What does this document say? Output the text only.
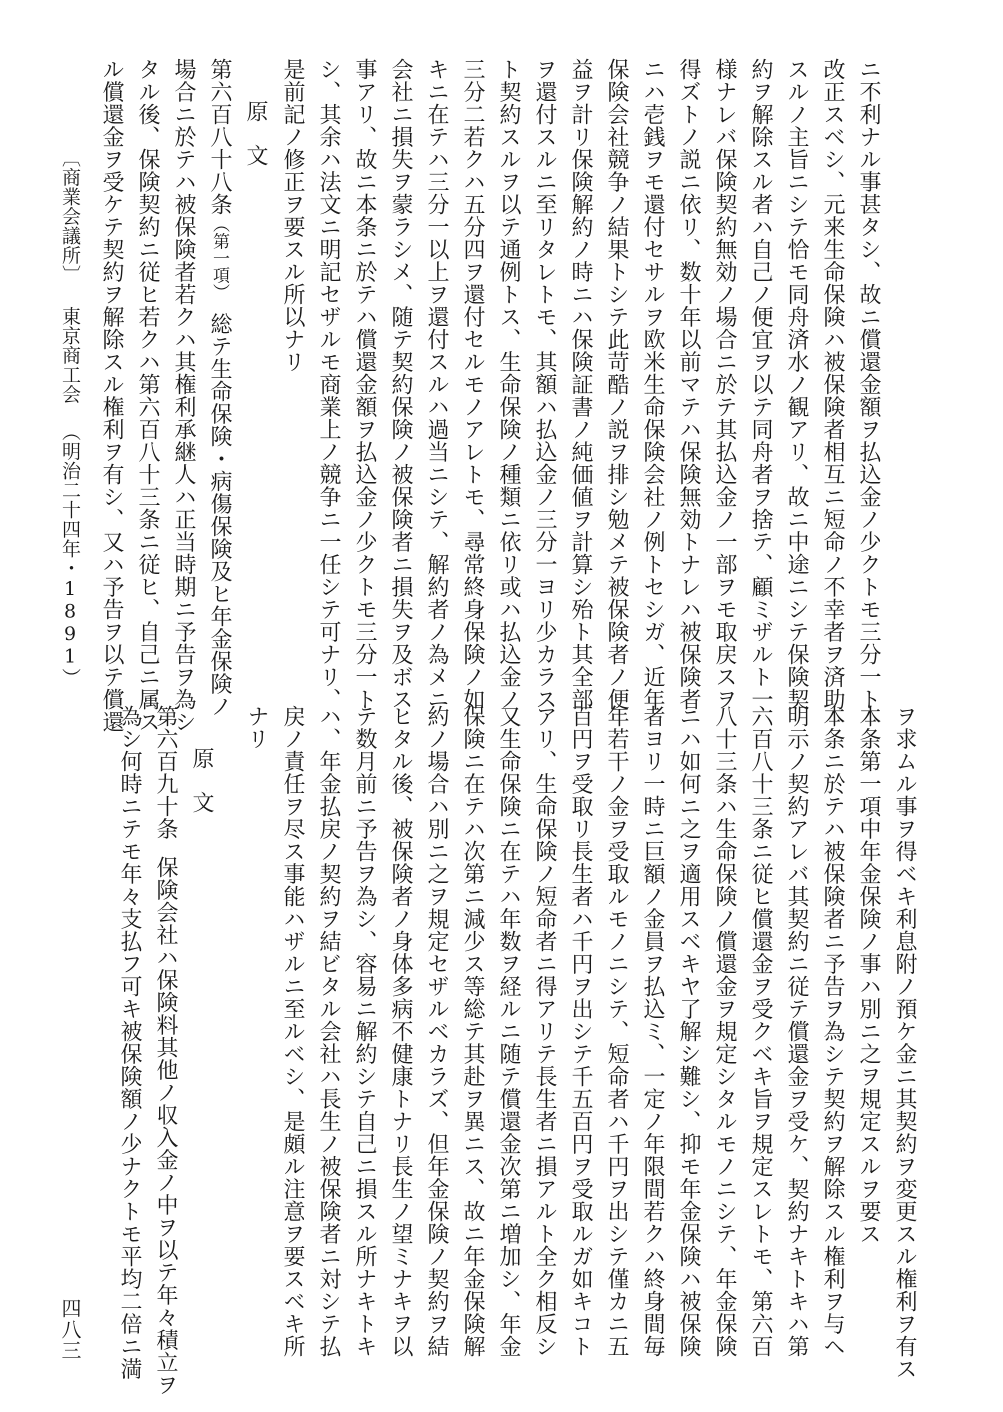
ニ不利ナル事甚タシ、故ニ償還金額ヲ払込金ノ少クトモ三分一ト

改正スベシ、元来生命保険ハ被保険者相互ニ短命ノ不幸者ヲ済助

スルノ主旨ニシテ恰モ同舟済水ノ観アリ、故ニ中途ニシテ保険契

約ヲ解除スル者ハ自己ノ便宜ヲ以テ同舟者ヲ捨テ、顧ミザルト一

様ナレバ保険契約無効ノ場合ニ於テ其払込金ノ一部ヲモ取戻スヲ

得ズトノ説ニ依リ、数十年以前マテハ保険無効トナレハ被保険者

ニハ壱銭ヲモ還付セサルヲ欧米生命保険会社ノ例トセシガ、近年

保険会社競争ノ結果トシテ此苛酷ノ説ヲ排シ勉メテ被保険者ノ便

益ヲ計リ保険解約ノ時ニハ保険証書ノ純価値ヲ計算シ殆ト其全部

ヲ還付スルニ至リタレトモ、其額ハ払込金ノ三分一ヨリ少カラス

ト契約スルヲ以テ通例トス、生命保険ノ種類ニ依リ或ハ払込金ノ

三分二若クハ五分四ヲ還付セルモノアレトモ、尋常終身保険ノ如

キニ在テハ三分一以上ヲ還付スルハ過当ニシテ、解約者ノ為メニ

会社ニ損失ヲ蒙ラシメ、随テ契約保険ノ被保険者ニ損失ヲ及ボス

事アリ、故ニ本条ニ於テハ償還金額ヲ払込金ノ少クトモ三分一ト

シ、其余ハ法文ニ明記セザルモ商業上ノ競争ニ一任シテ可ナリ、

是前記ノ修正ヲ要スル所以ナリ

原文

第六百八十八条（第一項）総テ生命保険・病傷保険及ヒ年金保険ノ

場合ニ於テハ被保険者若クハ其権利承継人ハ正当時期ニ予告ヲ為シ

タル後、保険契約ニ従ヒ若クハ第六百八十三条ニ従ヒ、自己ニ属ス

ル償還金ヲ受ケテ契約ヲ解除スル権利ヲ有シ、又ハ予告ヲ以テ償還

〔商業会議所〕東京商工会（明治二十四年・1891）

ヲ求ムル事ヲ得ベキ利息附ノ預ケ金ニ其契約ヲ変更スル権利ヲ有ス

本条第一項中年金保険ノ事ハ別ニ之ヲ規定スルヲ要ス

本条ニ於テハ被保険者ニ予告ヲ為シテ契約ヲ解除スル権利ヲ与ヘ

明示ノ契約アレバ其契約ニ従テ償還金ヲ受ケ、契約ナキトキハ第

六百八十三条ニ従ヒ償還金ヲ受クベキ旨ヲ規定スレトモ、第六百

八十三条ハ生命保険ノ償還金ヲ規定シタルモノニシテ、年金保険

ニハ如何ニ之ヲ適用スベキヤ了解シ難シ、抑モ年金保険ハ被保険

者ヨリ一時ニ巨額ノ金員ヲ払込ミ、一定ノ年限間若クハ終身間毎

年若干ノ金ヲ受取ルモノニシテ、短命者ハ千円ヲ出シテ僅カニ五

百円ヲ受取リ長生者ハ千円ヲ出シテ千五百円ヲ受取ルガ如キコト

アリ、生命保険ノ短命者ニ得アリテ長生者ニ損アルト全ク相反シ

又生命保険ニ在テハ年数ヲ経ルニ随テ償還金次第ニ増加シ、年金

保険ニ在テハ次第ニ減少ス等総テ其赴ヲ異ニス、故ニ年金保険解

約ノ場合ハ別ニ之ヲ規定セザルベカラズ、但年金保険ノ契約ヲ結

ヒタル後、被保険者ノ身体多病不健康トナリ長生ノ望ミナキヲ以

テ数月前ニ予告ヲ為シ、容易ニ解約シテ自己ニ損スル所ナキトキ

ハ、年金払戻ノ契約ヲ結ビタル会社ハ長生ノ被保険者ニ対シテ払

戻ノ責任ヲ尽ス事能ハザルニ至ルベシ、是頗ル注意ヲ要スベキ所

ナリ

原文

第六百九十条保険会社ハ保険料其他ノ収入金ノ中ヲ以テ年々積立ヲ

為シ何時ニテモ年々支払フ可キ被保険額ノ少ナクトモ平均二倍ニ満

四八三
